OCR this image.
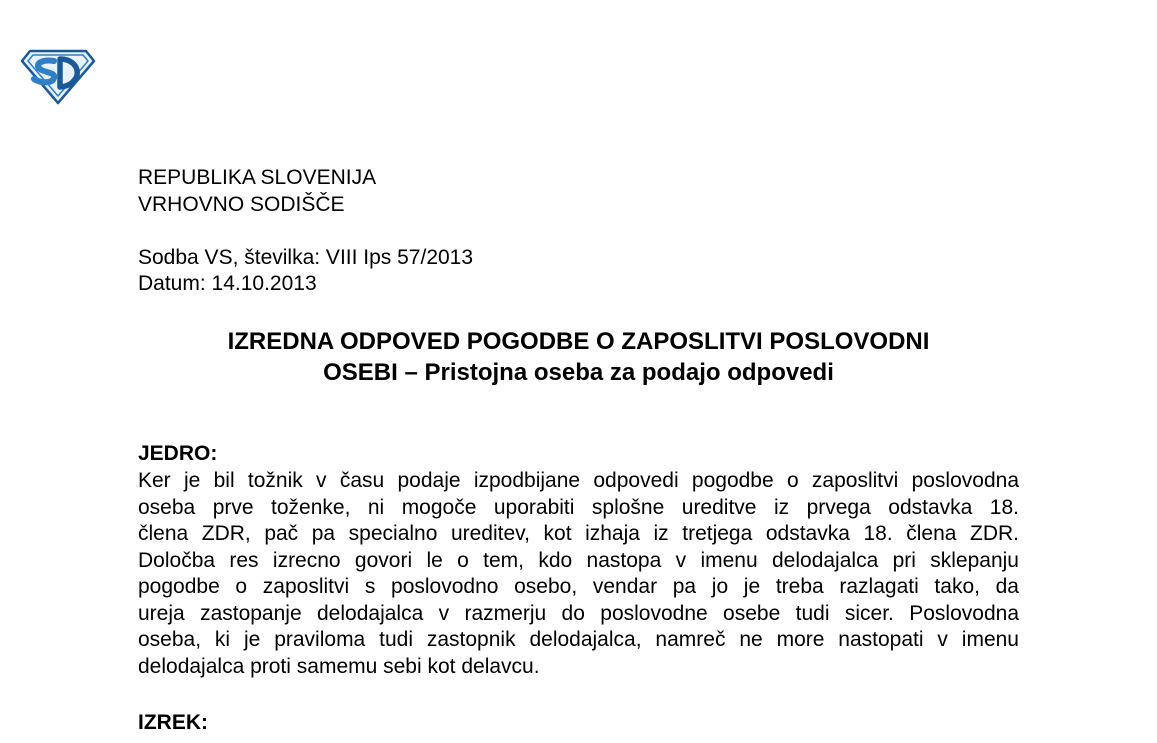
REPUBLIKA SLOVENIJA
VRHOVNO SODIŠČE
Sodba VS, številka: VIII Ips 57/2013
Datum: 14.10.2013
IZREDNA ODPOVED POGODBE O ZAPOSLITVI POSLOVODNI
OSEBI – Pristojna oseba za podajo odpovedi
JEDRO:
Ker je bil tožnik v času podaje izpodbijane odpovedi pogodbe o zaposlitvi poslovodna
oseba prve toženke, ni mogoče uporabiti splošne ureditve iz prvega odstavka 18.
člena ZDR, pač pa specialno ureditev, kot izhaja iz tretjega odstavka 18. člena ZDR.
Določba res izrecno govori le o tem, kdo nastopa v imenu delodajalca pri sklepanju
pogodbe o zaposlitvi s poslovodno osebo, vendar pa jo je treba razlagati tako, da
ureja zastopanje delodajalca v razmerju do poslovodne osebe tudi sicer. Poslovodna
oseba, ki je praviloma tudi zastopnik delodajalca, namreč ne more nastopati v imenu
delodajalca proti samemu sebi kot delavcu.
IZREK:
